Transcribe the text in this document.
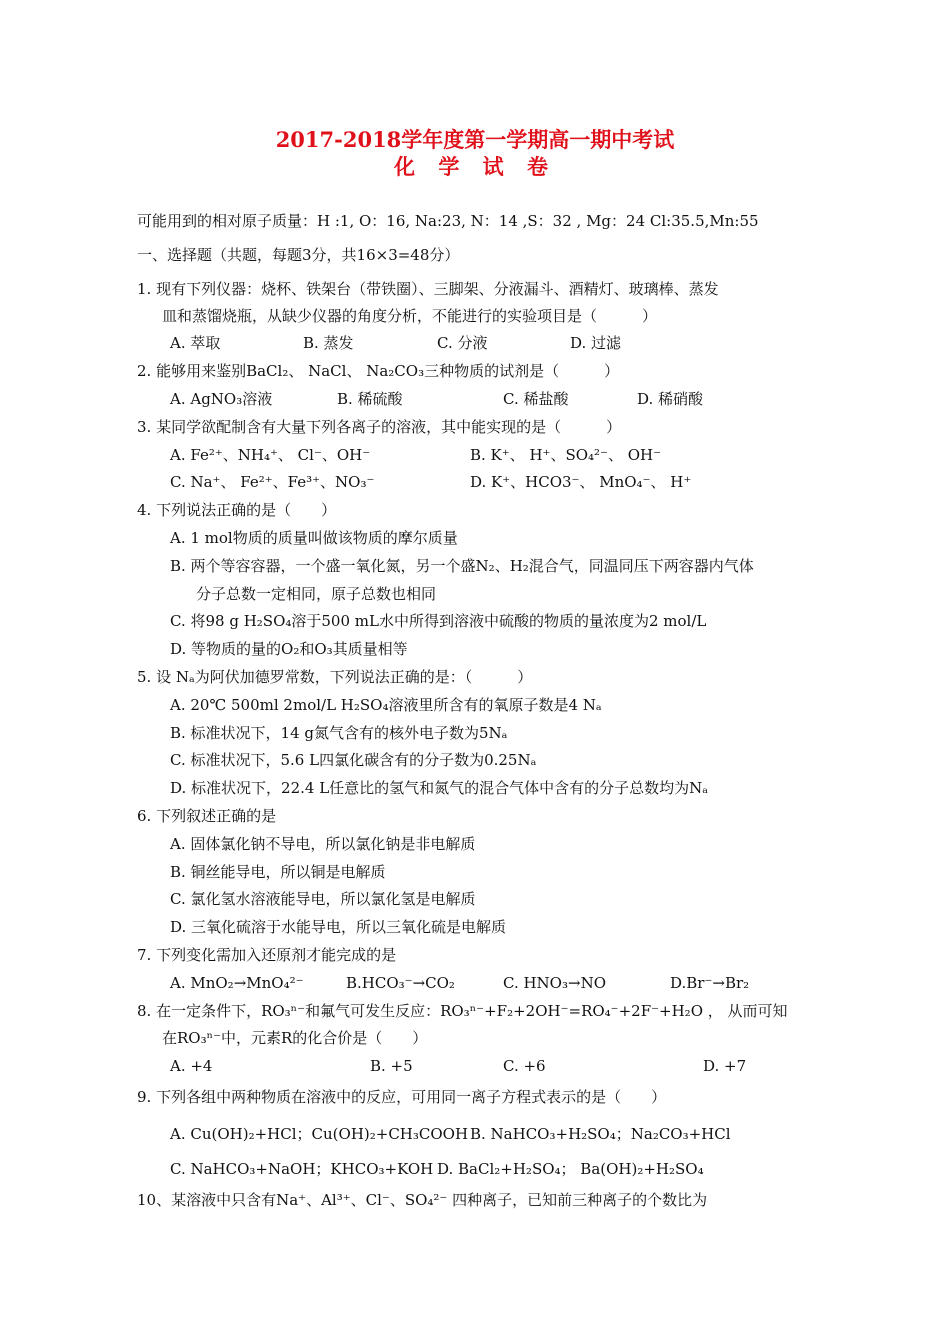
2017-2018学年度第一学期高一期中考试
化 学 试 卷
可能用到的相对原子质量：H :1, O：16, Na:23, N：14 ,S：32 , Mg：24 Cl:35.5,Mn:55
一、选择题（共题，每题3分，共16×3=48分）
1. 现有下列仪器：烧杯、铁架台（带铁圈）、三脚架、分液漏斗、酒精灯、玻璃棒、蒸发
皿和蒸馏烧瓶，从缺少仪器的角度分析，不能进行的实验项目是（　　　）
A. 萃取	B. 蒸发	C. 分液	D. 过滤
2. 能够用来鉴别BaCl₂、 NaCl、 Na₂CO₃三种物质的试剂是（　　　）
A. AgNO₃溶液	B. 稀硫酸	C. 稀盐酸	D. 稀硝酸
3. 某同学欲配制含有大量下列各离子的溶液，其中能实现的是（　　　）
A. Fe²⁺、NH₄⁺、 Cl⁻、OH⁻	B. K⁺、 H⁺、SO₄²⁻、 OH⁻
C. Na⁺、 Fe²⁺、Fe³⁺、NO₃⁻	D. K⁺、HCO3⁻、 MnO₄⁻、 H⁺
4. 下列说法正确的是（　　）
A. 1 mol物质的质量叫做该物质的摩尔质量
B. 两个等容容器，一个盛一氧化氮，另一个盛N₂、H₂混合气，同温同压下两容器内气体
分子总数一定相同，原子总数也相同
C. 将98 g H₂SO₄溶于500 mL水中所得到溶液中硫酸的物质的量浓度为2 mol/L
D. 等物质的量的O₂和O₃其质量相等
5. 设 Nₐ为阿伏加德罗常数，下列说法正确的是：（　　　）
A. 20℃ 500ml 2mol/L H₂SO₄溶液里所含有的氧原子数是4 Nₐ
B. 标准状况下，14 g氮气含有的核外电子数为5Nₐ
C. 标准状况下，5.6 L四氯化碳含有的分子数为0.25Nₐ
D. 标准状况下，22.4 L任意比的氢气和氮气的混合气体中含有的分子总数均为Nₐ
6. 下列叙述正确的是
A. 固体氯化钠不导电，所以氯化钠是非电解质
B. 铜丝能导电，所以铜是电解质
C. 氯化氢水溶液能导电，所以氯化氢是电解质
D. 三氧化硫溶于水能导电，所以三氧化硫是电解质
7. 下列变化需加入还原剂才能完成的是
A. MnO₂→MnO₄²⁻	B.HCO₃⁻→CO₂	C. HNO₃→NO	D.Br⁻→Br₂
8. 在一定条件下，RO₃ⁿ⁻和氟气可发生反应：RO₃ⁿ⁻+F₂+2OH⁻=RO₄⁻+2F⁻+H₂O ， 从而可知
在RO₃ⁿ⁻中，元素R的化合价是（　　）
A. +4	B. +5	C. +6	D. +7
9. 下列各组中两种物质在溶液中的反应，可用同一离子方程式表示的是（　　）
A. Cu(OH)₂+HCl；Cu(OH)₂+CH₃COOH B. NaHCO₃+H₂SO₄；Na₂CO₃+HCl
C. NaHCO₃+NaOH；KHCO₃+KOH D. BaCl₂+H₂SO₄； Ba(OH)₂+H₂SO₄
10、某溶液中只含有Na⁺、Al³⁺、Cl⁻、SO₄²⁻ 四种离子，已知前三种离子的个数比为
